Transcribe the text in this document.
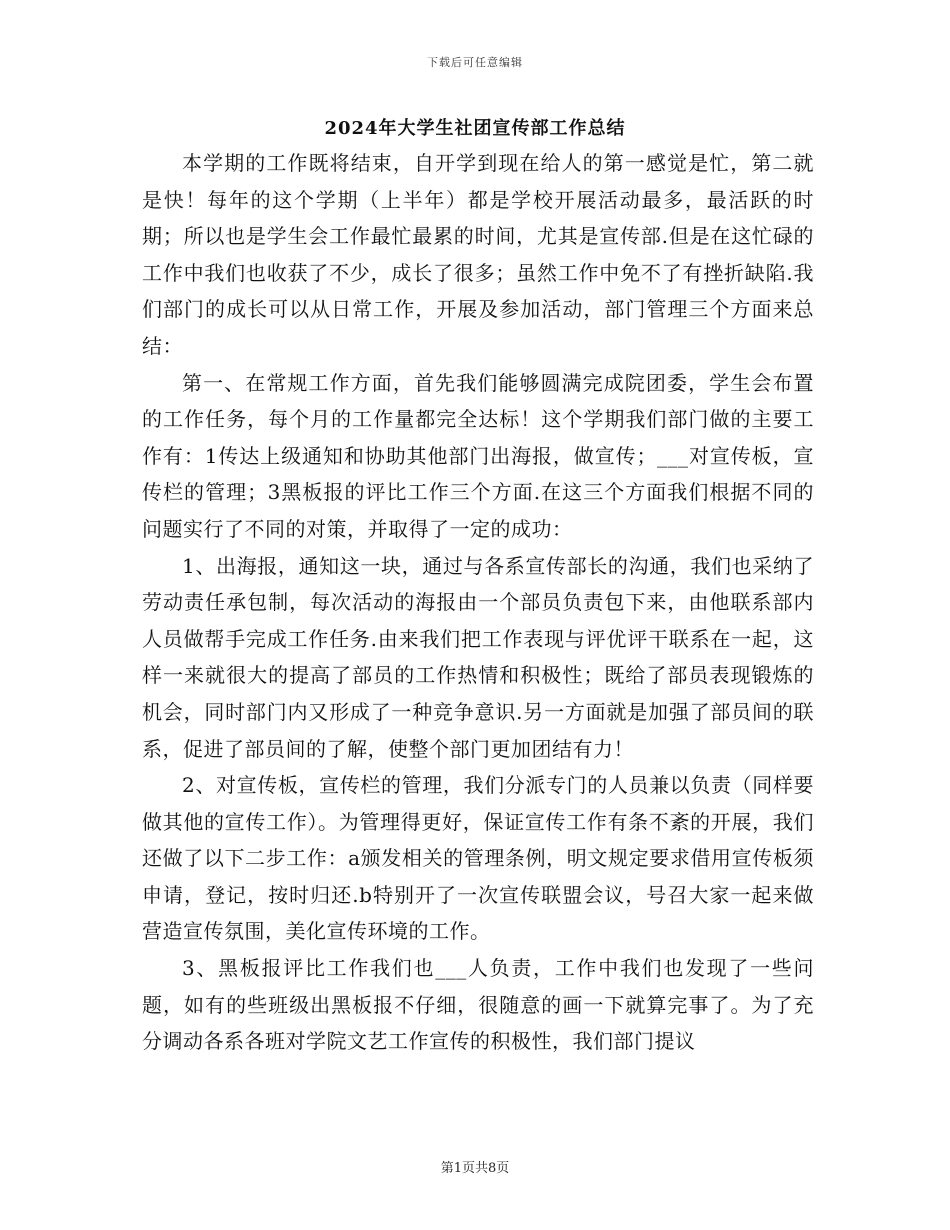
下载后可任意编辑
2024年大学生社团宣传部工作总结

本学期的工作既将结束，自开学到现在给人的第一感觉是忙，第二就是快！每年的这个学期（上半年）都是学校开展活动最多，最活跃的时期；所以也是学生会工作最忙最累的时间，尤其是宣传部.但是在这忙碌的工作中我们也收获了不少，成长了很多；虽然工作中免不了有挫折缺陷.我们部门的成长可以从日常工作，开展及参加活动，部门管理三个方面来总结：

第一、在常规工作方面，首先我们能够圆满完成院团委，学生会布置的工作任务，每个月的工作量都完全达标！这个学期我们部门做的主要工作有：1传达上级通知和协助其他部门出海报，做宣传；___对宣传板，宣传栏的管理；3黑板报的评比工作三个方面.在这三个方面我们根据不同的问题实行了不同的对策，并取得了一定的成功：

1、出海报，通知这一块，通过与各系宣传部长的沟通，我们也采纳了劳动责任承包制，每次活动的海报由一个部员负责包下来，由他联系部内人员做帮手完成工作任务.由来我们把工作表现与评优评干联系在一起，这样一来就很大的提高了部员的工作热情和积极性；既给了部员表现锻炼的机会，同时部门内又形成了一种竞争意识.另一方面就是加强了部员间的联系，促进了部员间的了解，使整个部门更加团结有力！

2、对宣传板，宣传栏的管理，我们分派专门的人员兼以负责（同样要做其他的宣传工作）。为管理得更好，保证宣传工作有条不紊的开展，我们还做了以下二步工作：a颁发相关的管理条例，明文规定要求借用宣传板须申请，登记，按时归还.b特别开了一次宣传联盟会议，号召大家一起来做营造宣传氛围，美化宣传环境的工作。

3、黑板报评比工作我们也___人负责，工作中我们也发现了一些问题，如有的些班级出黑板报不仔细，很随意的画一下就算完事了。为了充分调动各系各班对学院文艺工作宣传的积极性，我们部门提议

第1页共8页
